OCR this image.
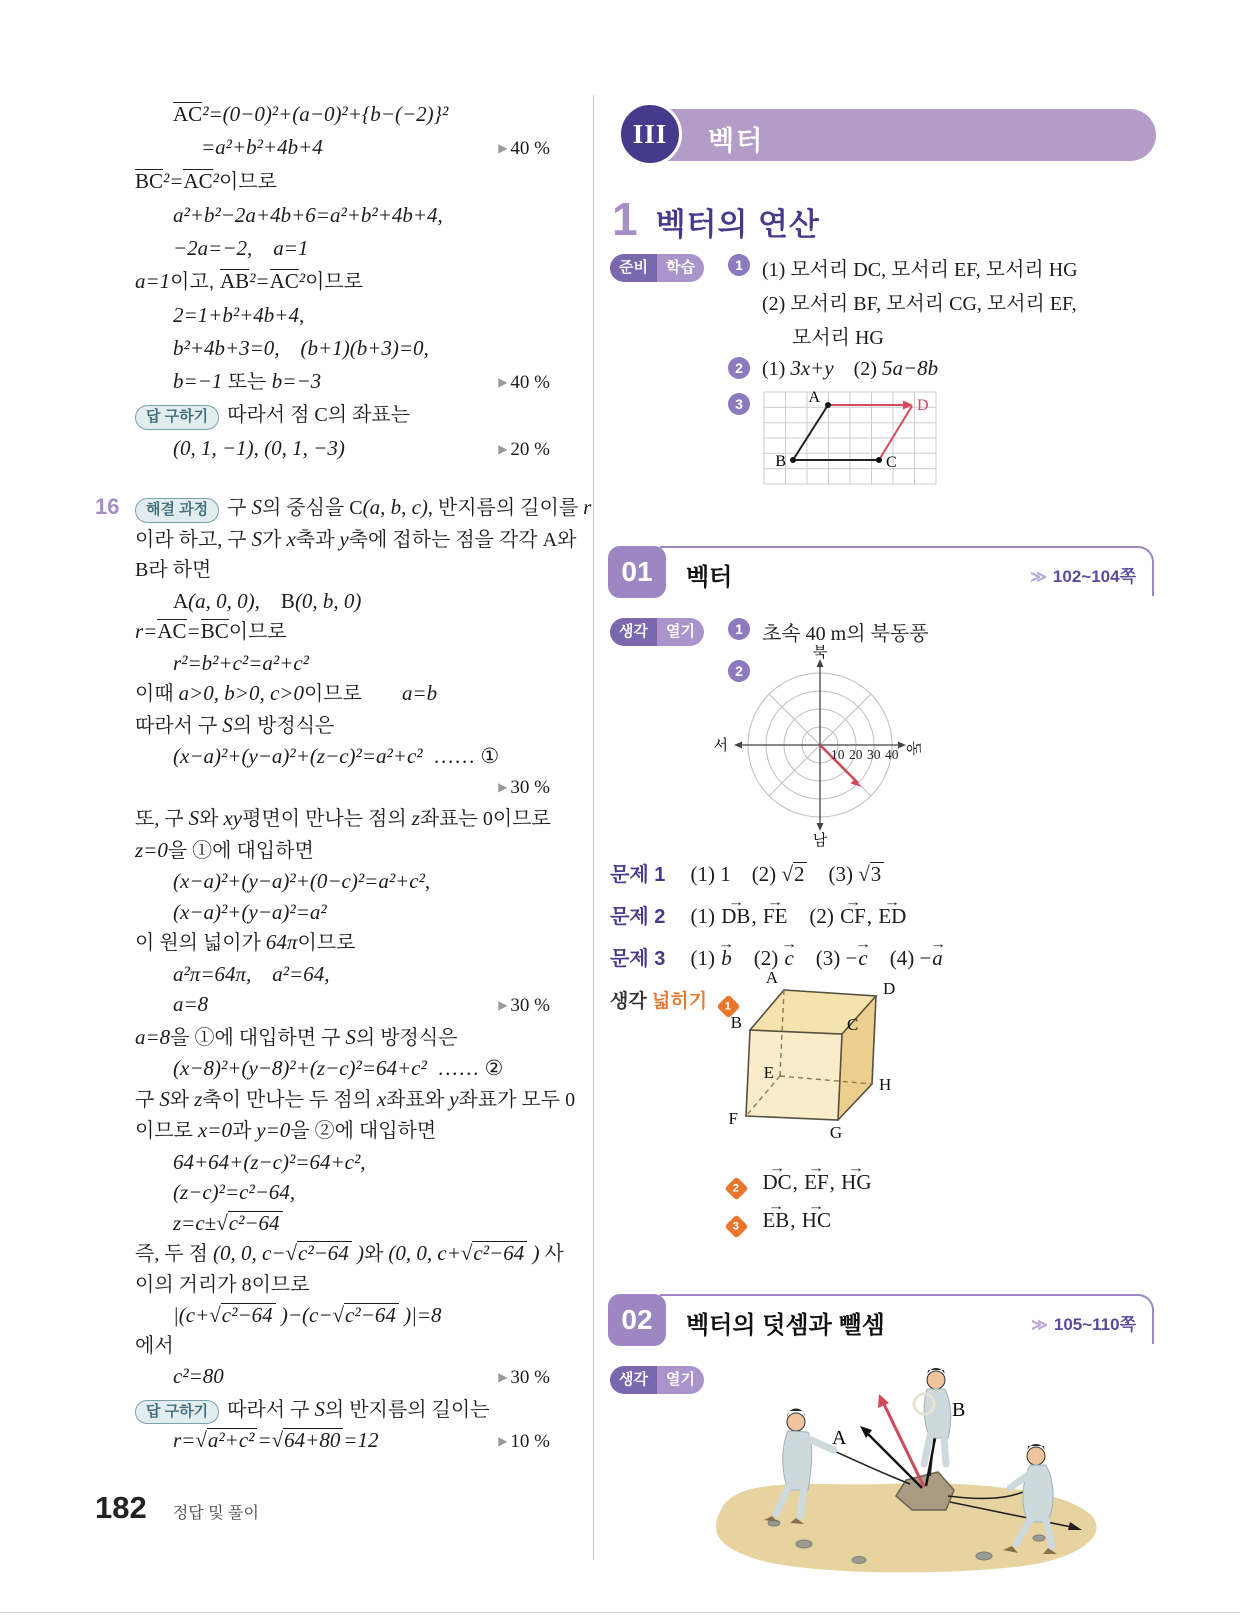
AC²=(0−0)²+(a−0)²+{b−(−2)}²
=a²+b²+4b+4	▶ 40 %
BC²=AC²이므로
a²+b²−2a+4b+6=a²+b²+4b+4,
−2a=−2,  a=1
a=1이고, AB²=AC²이므로
2=1+b²+4b+4,
b²+4b+3=0,  (b+1)(b+3)=0,
b=−1 또는 b=−3	▶ 40 %
답 구하기 따라서 점 C의 좌표는
(0, 1, −1), (0, 1, −3)	▶ 20 %
16	해결 과정 구 S의 중심을 C(a, b, c), 반지름의 길이를 r
이라 하고, 구 S가 x축과 y축에 접하는 점을 각각 A와
B라 하면
A(a, 0, 0),  B(0, b, 0)
r=AC=BC이므로
r²=b²+c²=a²+c²
이때 a>0, b>0, c>0이므로   a=b
따라서 구 S의 방정식은
(x−a)²+(y−a)²+(z−c)²=a²+c² …… ①
▶ 30 %
또, 구 S와 xy평면이 만나는 점의 z좌표는 0이므로
z=0을 ①에 대입하면
(x−a)²+(y−a)²+(0−c)²=a²+c²,
(x−a)²+(y−a)²=a²
이 원의 넓이가 64π이므로
a²π=64π,  a²=64,
a=8	▶ 30 %
a=8을 ①에 대입하면 구 S의 방정식은
(x−8)²+(y−8)²+(z−c)²=64+c² …… ②
구 S와 z축이 만나는 두 점의 x좌표와 y좌표가 모두 0
이므로 x=0과 y=0을 ②에 대입하면
64+64+(z−c)²=64+c²,
(z−c)²=c²−64,
z=c±√c²−64
즉, 두 점 (0, 0, c−√c²−64 )와 (0, 0, c+√c²−64 ) 사
이의 거리가 8이므로
|(c+√c²−64 )−(c−√c²−64 )|=8
에서
c²=80	▶ 30 %
답 구하기 따라서 구 S의 반지름의 길이는
r=√a²+c² =√64+80 =12	▶ 10 %
III	벡터
1 벡터의 연산
준비	학습	1 (1) 모서리 DC, 모서리 EF, 모서리 HG
(2) 모서리 BF, 모서리 CG, 모서리 EF,
모서리 HG
2 (1) 3x+y  (2) 5a−8b
3	A
B	C
D
01	벡터	≫ 102~104쪽
생각	열기	1 초속 40 m의 북동풍
2
북
남
서	동
10 20 30 40
문제 1 (1) 1  (2) √2  (3) √3
문제 2 (1) → DB, → FE  (2) → CF, → ED
문제 3 (1) → b  (2) → c  (3) −→ c  (4) −→ a
생각 넓히기 1
A
D
B	C
E
F
G
H
2 → DC, → EF, → HG
3 → EB, → HC
02	벡터의 덧셈과 뺄셈	≫ 105~110쪽
생각	열기
A
B
182 정답 및 풀이
